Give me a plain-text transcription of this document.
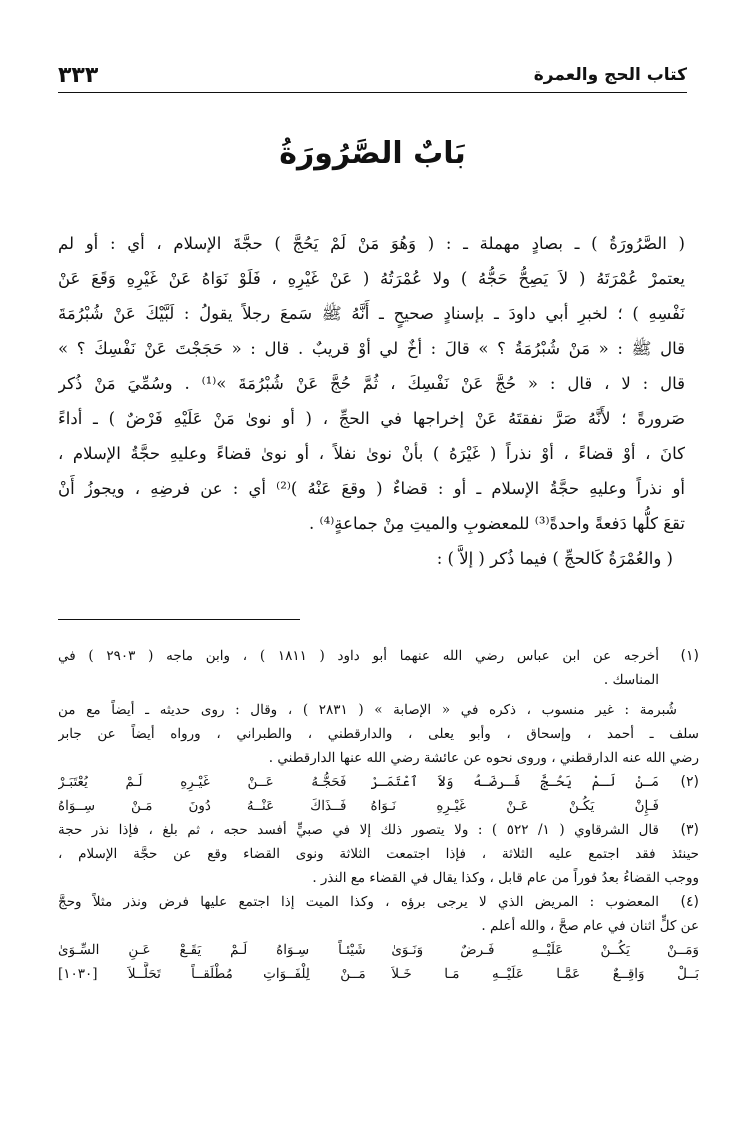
كتاب الحج والعمرة
٣٣٣
بَابٌ الصَّرُورَةُ
( الصَّرُورَةُ ) ـ بصادٍ مهملة ـ : ( وَهُوَ مَنْ لَمْ يَحُجَّ ) حجَّةَ الإسلام ، أي : أو لم
يعتمرْ عُمْرَتَهُ ( لاَ يَصِحُّ حَجُّهُ ) ولا عُمْرَتُهُ ( عَنْ غَيْرِهِ ، فَلَوْ نَوَاهُ عَنْ غَيْرِهِ وَقَعَ عَنْ
نَفْسِهِ ) ؛ لخبرِ أبي داودَ ـ بإسنادٍ صحيحٍ ـ أَنَّهُ ﷺ سَمعَ رجلاً يقولُ : لَبَّيْكَ عَنْ شُبْرُمَةَ
قال ﷺ : « مَنْ شُبْرُمَةُ ؟ » قالَ : أخٌ لي أوْ قريبٌ . قال : « حَجَجْتَ عَنْ نَفْسِكَ ؟ »
قال : لا ، قال : « حُجَّ عَنْ نَفْسِكَ ، ثُمَّ حُجَّ عَنْ شُبْرُمَةَ »⁽¹⁾ . وسُمِّيَ مَنْ ذُكر
صَرورةً ؛ لأَنَّهُ صَرَّ نفقتَهُ عَنْ إخراجها في الحجِّ ، ( أو نوىٰ مَنْ عَلَيْهِ فَرْضٌ ) ـ أداءً
كانَ ، أوْ قضاءً ، أوْ نذراً ( غَيْرَهُ ) بأنْ نوىٰ نفلاً ، أو نوىٰ قضاءً وعليهِ حجَّةُ الإسلام ،
أو نذراً وعليهِ حجَّةُ الإسلام ـ أو : قضاءٌ ( وقعَ عَنْهُ )⁽²⁾ أي : عن فرضِهِ ، ويجوزُ أَنْ
تقعَ كلُّها دَفعةً واحدةً⁽³⁾ للمعضوبِ والميتِ مِنْ جماعةٍ⁽⁴⁾ .
( والعُمْرَةُ كَالحجِّ ) فيما ذُكر ( إلاَّ ) :
(١)
أخرجه عن ابن عباس رضي الله عنهما أبو داود ( ١٨١١ ) ، وابن ماجه ( ٢٩٠٣ ) في
المناسك .
شُبرمة : غير منسوب ، ذكره في « الإصابة » ( ٢٨٣١ ) ، وقال : روى حديثه ـ أيضاً مع من
سلف ـ أحمد ، وإسحاق ، وأبو يعلى ، والدارقطني ، والطبراني ، ورواه أيضاً عن جابر
رضي الله عنه الدارقطني ، وروى نحوه عن عائشة رضي الله عنها الدارقطني .
(٢)
مَـنْ لَـمْ يَحُـجَّ فَـرضَـهُ وَلاَ ٱعْتَمَـرْ
فَحَجُّـهُ عَــنْ غَيْـرِهِ لَـمْ يُعْتَبَـرْ
فَـإِنْ يَكُـنْ عَـنْ غَيْـرِهِ نَـوَاهُ
فَــذَاكَ عَنْــهُ دُونَ مَـنْ سِــوَاهُ
(٣)
قال الشرقاوي ( ١/ ٥٢٢ ) : ولا يتصور ذلك إلا في صبيٍّ أفسد حجه ، ثم بلغ ، فإذا نذر حجة
حينئذ فقد اجتمع عليه الثلاثة ، فإذا اجتمعت الثلاثة ونوى القضاء وقع عن حجَّة الإسلام ،
ووجب القضاءُ بعدُ فوراً من عام قابل ، وكذا يقال في القضاء مع النذر .
(٤)
المعضوب : المريض الذي لا يرجى برؤه ، وكذا الميت إذا اجتمع عليها فرض ونذر مثلاً وحجَّ
عن كلٍّ اثنان في عام صحَّ ، والله أعلم .
وَمَــنْ يَكُــنْ عَلَيْــهِ فَـرضٌ وَنَـوَىٰ
شَيْئـاً سِـوَاهُ لَـمْ يَقَـعْ عَـنِ السِّـوَىٰ
بَــلْ وَاقِــعٌ عَمَّـا عَلَيْــهِ مَـا خَـلاَ
مَــنْ لِلْفَــوَاتِ مُطْلَقــاً تَحَلَّــلاَ [١٠٣٠]
